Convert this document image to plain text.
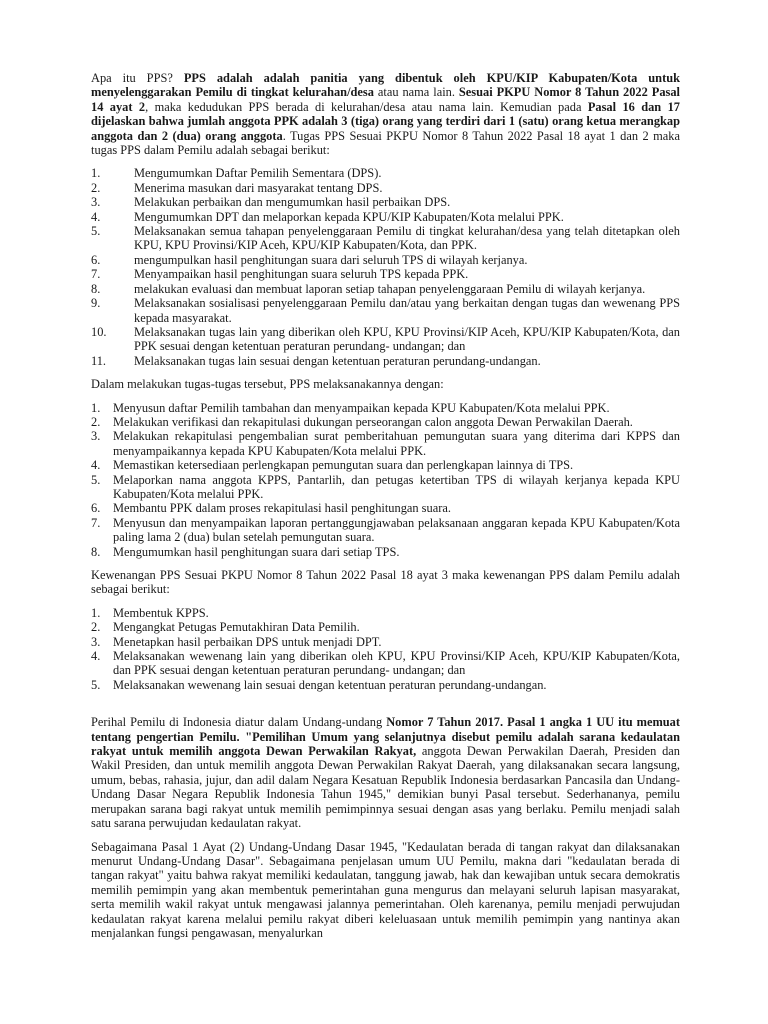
Apa itu PPS? PPS adalah adalah panitia yang dibentuk oleh KPU/KIP Kabupaten/Kota untuk menyelenggarakan Pemilu di tingkat kelurahan/desa atau nama lain. Sesuai PKPU Nomor 8 Tahun 2022 Pasal 14 ayat 2, maka kedudukan PPS berada di kelurahan/desa atau nama lain. Kemudian pada Pasal 16 dan 17 dijelaskan bahwa jumlah anggota PPK adalah 3 (tiga) orang yang terdiri dari 1 (satu) orang ketua merangkap anggota dan 2 (dua) orang anggota. Tugas PPS Sesuai PKPU Nomor 8 Tahun 2022 Pasal 18 ayat 1 dan 2 maka tugas PPS dalam Pemilu adalah sebagai berikut:

1.	Mengumumkan Daftar Pemilih Sementara (DPS).
2.	Menerima masukan dari masyarakat tentang DPS.
3.	Melakukan perbaikan dan mengumumkan hasil perbaikan DPS.
4.	Mengumumkan DPT dan melaporkan kepada KPU/KIP Kabupaten/Kota melalui PPK.
5.	Melaksanakan semua tahapan penyelenggaraan Pemilu di tingkat kelurahan/desa yang telah ditetapkan oleh KPU, KPU Provinsi/KIP Aceh, KPU/KIP Kabupaten/Kota, dan PPK.
6.	mengumpulkan hasil penghitungan suara dari seluruh TPS di wilayah kerjanya.
7.	Menyampaikan hasil penghitungan suara seluruh TPS kepada PPK.
8.	melakukan evaluasi dan membuat laporan setiap tahapan penyelenggaraan Pemilu di wilayah kerjanya.
9.	Melaksanakan sosialisasi penyelenggaraan Pemilu dan/atau yang berkaitan dengan tugas dan wewenang PPS kepada masyarakat.
10.	Melaksanakan tugas lain yang diberikan oleh KPU, KPU Provinsi/KIP Aceh, KPU/KIP Kabupaten/Kota, dan PPK sesuai dengan ketentuan peraturan perundang- undangan; dan
11.	Melaksanakan tugas lain sesuai dengan ketentuan peraturan perundang-undangan.

Dalam melakukan tugas-tugas tersebut, PPS melaksanakannya dengan:

1.	Menyusun daftar Pemilih tambahan dan menyampaikan kepada KPU Kabupaten/Kota melalui PPK.
2.	Melakukan verifikasi dan rekapitulasi dukungan perseorangan calon anggota Dewan Perwakilan Daerah.
3.	Melakukan rekapitulasi pengembalian surat pemberitahuan pemungutan suara yang diterima dari KPPS dan menyampaikannya kepada KPU Kabupaten/Kota melalui PPK.
4.	Memastikan ketersediaan perlengkapan pemungutan suara dan perlengkapan lainnya di TPS.
5.	Melaporkan nama anggota KPPS, Pantarlih, dan petugas ketertiban TPS di wilayah kerjanya kepada KPU Kabupaten/Kota melalui PPK.
6.	Membantu PPK dalam proses rekapitulasi hasil penghitungan suara.
7.	Menyusun dan menyampaikan laporan pertanggungjawaban pelaksanaan anggaran kepada KPU Kabupaten/Kota paling lama 2 (dua) bulan setelah pemungutan suara.
8.	Mengumumkan hasil penghitungan suara dari setiap TPS.

Kewenangan PPS Sesuai PKPU Nomor 8 Tahun 2022 Pasal 18 ayat 3 maka kewenangan PPS dalam Pemilu adalah sebagai berikut:

1.	Membentuk KPPS.
2.	Mengangkat Petugas Pemutakhiran Data Pemilih.
3.	Menetapkan hasil perbaikan DPS untuk menjadi DPT.
4.	Melaksanakan wewenang lain yang diberikan oleh KPU, KPU Provinsi/KIP Aceh, KPU/KIP Kabupaten/Kota, dan PPK sesuai dengan ketentuan peraturan perundang- undangan; dan
5.	Melaksanakan wewenang lain sesuai dengan ketentuan peraturan perundang-undangan.

Perihal Pemilu di Indonesia diatur dalam Undang-undang Nomor 7 Tahun 2017. Pasal 1 angka 1 UU itu memuat tentang pengertian Pemilu. "Pemilihan Umum yang selanjutnya disebut pemilu adalah sarana kedaulatan rakyat untuk memilih anggota Dewan Perwakilan Rakyat, anggota Dewan Perwakilan Daerah, Presiden dan Wakil Presiden, dan untuk memilih anggota Dewan Perwakilan Rakyat Daerah, yang dilaksanakan secara langsung, umum, bebas, rahasia, jujur, dan adil dalam Negara Kesatuan Republik Indonesia berdasarkan Pancasila dan Undang-Undang Dasar Negara Republik Indonesia Tahun 1945," demikian bunyi Pasal tersebut. Sederhananya, pemilu merupakan sarana bagi rakyat untuk memilih pemimpinnya sesuai dengan asas yang berlaku. Pemilu menjadi salah satu sarana perwujudan kedaulatan rakyat.

Sebagaimana Pasal 1 Ayat (2) Undang-Undang Dasar 1945, "Kedaulatan berada di tangan rakyat dan dilaksanakan menurut Undang-Undang Dasar". Sebagaimana penjelasan umum UU Pemilu, makna dari "kedaulatan berada di tangan rakyat" yaitu bahwa rakyat memiliki kedaulatan, tanggung jawab, hak dan kewajiban untuk secara demokratis memilih pemimpin yang akan membentuk pemerintahan guna mengurus dan melayani seluruh lapisan masyarakat, serta memilih wakil rakyat untuk mengawasi jalannya pemerintahan. Oleh karenanya, pemilu menjadi perwujudan kedaulatan rakyat karena melalui pemilu rakyat diberi keleluasaan untuk memilih pemimpin yang nantinya akan menjalankan fungsi pengawasan, menyalurkan
